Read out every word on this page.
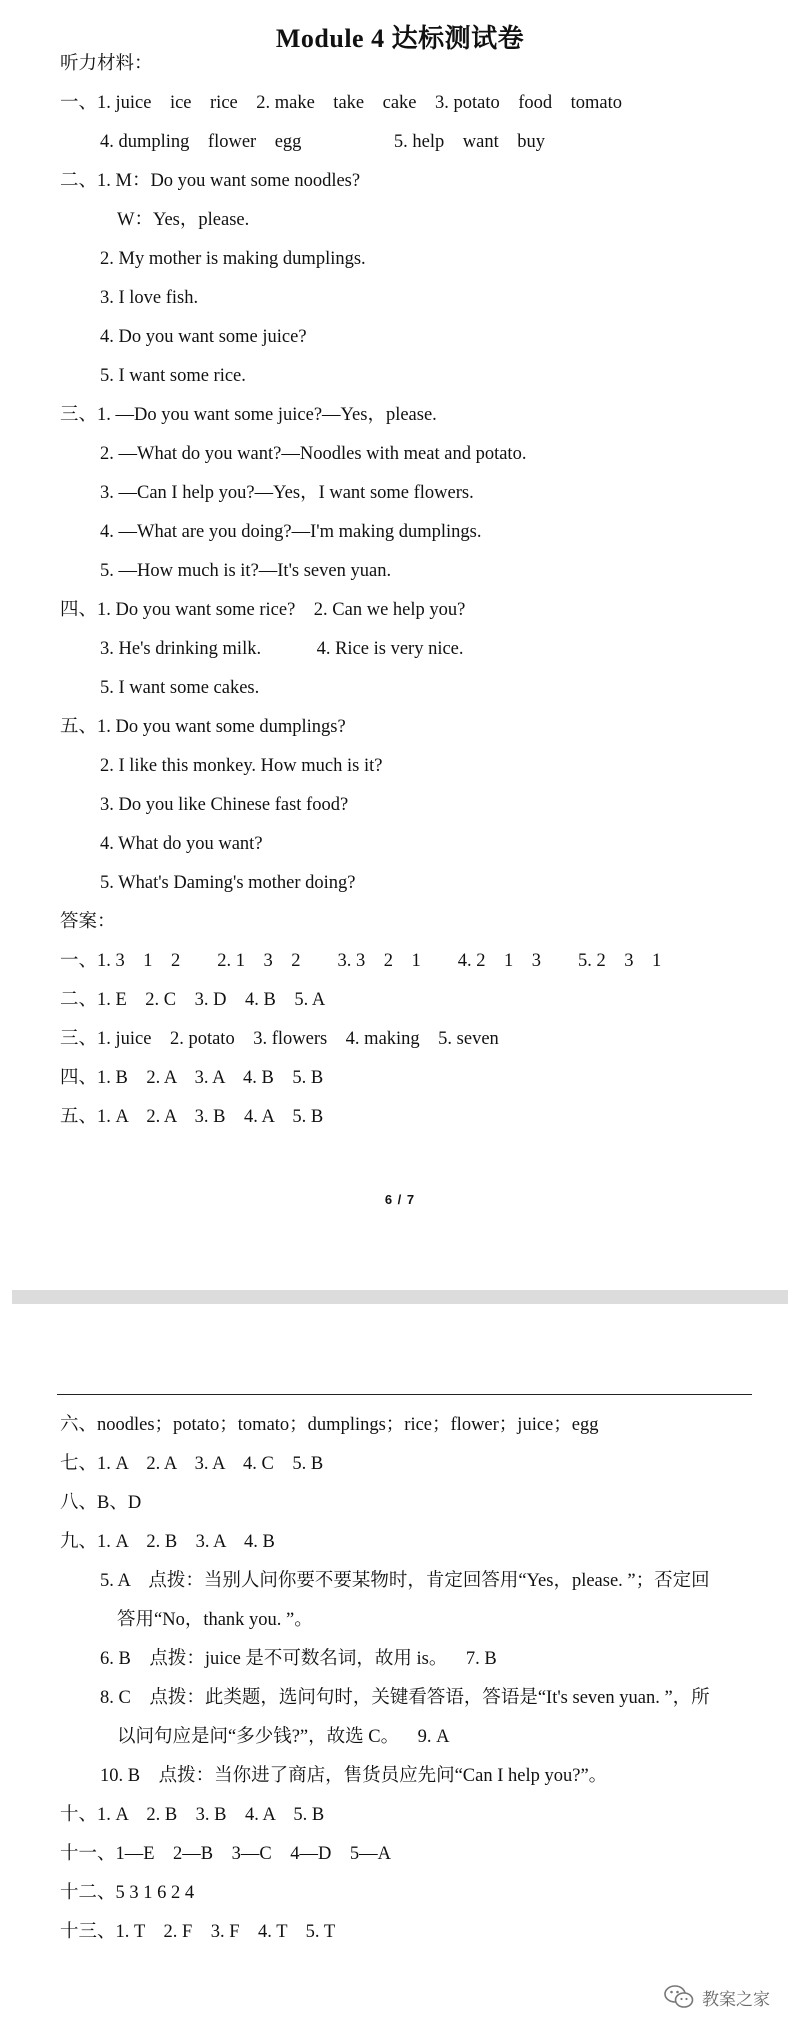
Module 4 达标测试卷
听力材料：
一、1. juice    ice    rice    2. make    take    cake    3. potato    food    tomato
4. dumpling    flower    egg                    5. help    want    buy
二、1. M：Do you want some noodles?
W：Yes，please.
2. My mother is making dumplings.
3. I love fish.
4. Do you want some juice?
5. I want some rice.
三、1. —Do you want some juice?—Yes，please.
2. —What do you want?—Noodles with meat and potato.
3. —Can I help you?—Yes，I want some flowers.
4. —What are you doing?—I'm making dumplings.
5. —How much is it?—It's seven yuan.
四、1. Do you want some rice?    2. Can we help you?
3. He's drinking milk.            4. Rice is very nice.
5. I want some cakes.
五、1. Do you want some dumplings?
2. I like this monkey. How much is it?
3. Do you like Chinese fast food?
4. What do you want?
5. What's Daming's mother doing?
答案：
一、1. 3    1    2        2. 1    3    2        3. 3    2    1        4. 2    1    3        5. 2    3    1
二、1. E    2. C    3. D    4. B    5. A
三、1. juice    2. potato    3. flowers    4. making    5. seven
四、1. B    2. A    3. A    4. B    5. B
五、1. A    2. A    3. B    4. A    5. B
6 / 7
六、noodles；potato；tomato；dumplings；rice；flower；juice；egg
七、1. A    2. A    3. A    4. C    5. B
八、B、D
九、1. A    2. B    3. A    4. B
5. A    点拨：当别人问你要不要某物时，肯定回答用“Yes，please. ”；否定回
答用“No，thank you. ”。
6. B    点拨：juice 是不可数名词，故用 is。    7. B
8. C    点拨：此类题，选问句时，关键看答语，答语是“It's seven yuan. ”，所
以问句应是问“多少钱?”，故选 C。    9. A
10. B    点拨：当你进了商店，售货员应先问“Can I help you?”。
十、1. A    2. B    3. B    4. A    5. B
十一、1—E    2—B    3—C    4—D    5—A
十二、5 3 1 6 2 4
十三、1. T    2. F    3. F    4. T    5. T
教案之家
